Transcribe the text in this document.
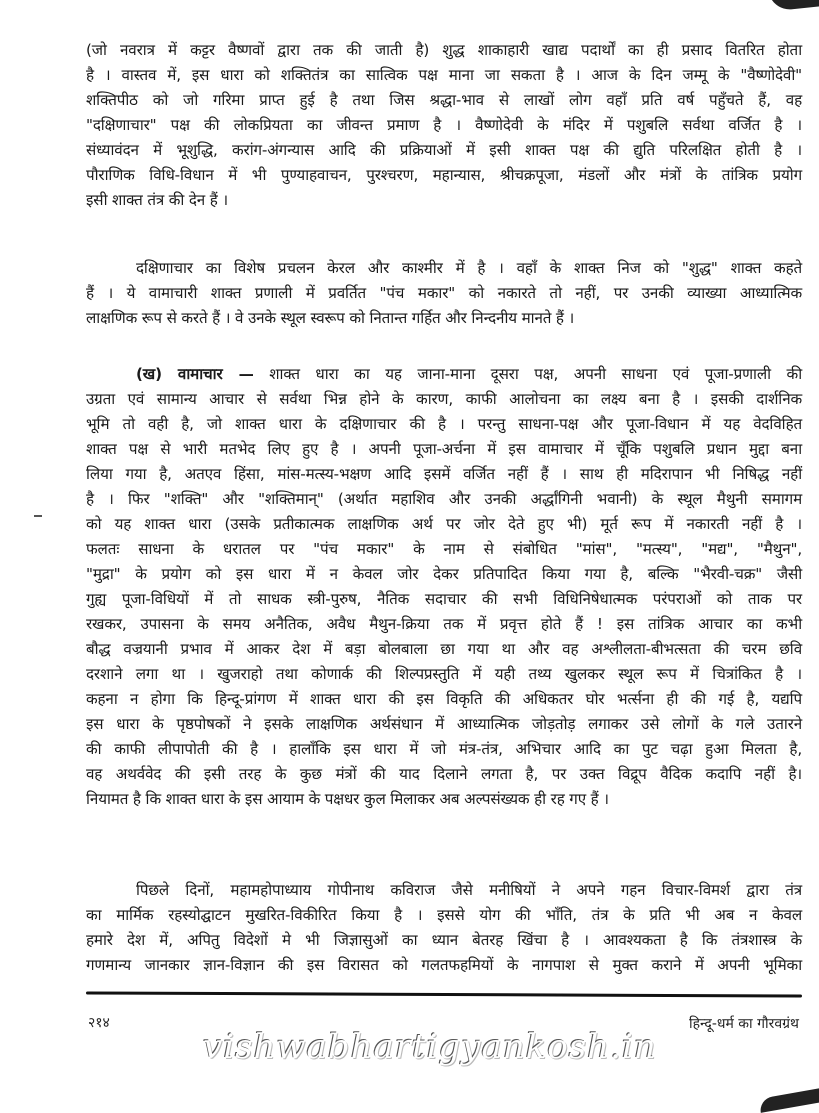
(जो नवरात्र में कट्टर वैष्णवों द्वारा तक की जाती है) शुद्ध शाकाहारी खाद्य पदार्थों का ही प्रसाद वितरित होता
है । वास्तव में, इस धारा को शक्तितंत्र का सात्विक पक्ष माना जा सकता है । आज के दिन जम्मू के "वैष्णोदेवी"
शक्तिपीठ को जो गरिमा प्राप्त हुई है तथा जिस श्रद्धा-भाव से लाखों लोग वहाँ प्रति वर्ष पहुँचते हैं, वह
"दक्षिणाचार" पक्ष की लोकप्रियता का जीवन्त प्रमाण है । वैष्णोदेवी के मंदिर में पशुबलि सर्वथा वर्जित है ।
संध्यावंदन में भूशुद्धि, करांग-अंगन्यास आदि की प्रक्रियाओं में इसी शाक्त पक्ष की द्युति परिलक्षित होती है ।
पौराणिक विधि-विधान में भी पुण्याहवाचन, पुरश्चरण, महान्यास, श्रीचक्रपूजा, मंडलों और मंत्रों के तांत्रिक प्रयोग
इसी शाक्त तंत्र की देन हैं ।
दक्षिणाचार का विशेष प्रचलन केरल और काश्मीर में है । वहाँ के शाक्त निज को "शुद्ध" शाक्त कहते
हैं । ये वामाचारी शाक्त प्रणाली में प्रवर्तित "पंच मकार" को नकारते तो नहीं, पर उनकी व्याख्या आध्यात्मिक
लाक्षणिक रूप से करते हैं । वे उनके स्थूल स्वरूप को नितान्त गर्हित और निन्दनीय मानते हैं ।
(ख) वामाचार — शाक्त धारा का यह जाना-माना दूसरा पक्ष, अपनी साधना एवं पूजा-प्रणाली की
उग्रता एवं सामान्य आचार से सर्वथा भिन्न होने के कारण, काफी आलोचना का लक्ष्य बना है । इसकी दार्शनिक
भूमि तो वही है, जो शाक्त धारा के दक्षिणाचार की है । परन्तु साधना-पक्ष और पूजा-विधान में यह वेदविहित
शाक्त पक्ष से भारी मतभेद लिए हुए है । अपनी पूजा-अर्चना में इस वामाचार में चूँकि पशुबलि प्रधान मुद्दा बना
लिया गया है, अतएव हिंसा, मांस-मत्स्य-भक्षण आदि इसमें वर्जित नहीं हैं । साथ ही मदिरापान भी निषिद्ध नहीं
है । फिर "शक्ति" और "शक्तिमान्" (अर्थात महाशिव और उनकी अर्द्धांगिनी भवानी) के स्थूल मैथुनी समागम
को यह शाक्त धारा (उसके प्रतीकात्मक लाक्षणिक अर्थ पर जोर देते हुए भी) मूर्त रूप में नकारती नहीं है ।
फलतः साधना के धरातल पर "पंच मकार" के नाम से संबोधित "मांस", "मत्स्य", "मद्य", "मैथुन",
"मुद्रा" के प्रयोग को इस धारा में न केवल जोर देकर प्रतिपादित किया गया है, बल्कि "भैरवी-चक्र" जैसी
गुह्य पूजा-विधियों में तो साधक स्त्री-पुरुष, नैतिक सदाचार की सभी विधिनिषेधात्मक परंपराओं को ताक पर
रखकर, उपासना के समय अनैतिक, अवैध मैथुन-क्रिया तक में प्रवृत्त होते हैं ! इस तांत्रिक आचार का कभी
बौद्ध वज्रयानी प्रभाव में आकर देश में बड़ा बोलबाला छा गया था और वह अश्लीलता-बीभत्सता की चरम छवि
दरशाने लगा था । खुजराहो तथा कोणार्क की शिल्पप्रस्तुति में यही तथ्य खुलकर स्थूल रूप में चित्रांकित है ।
कहना न होगा कि हिन्दू-प्रांगण में शाक्त धारा की इस विकृति की अधिकतर घोर भर्त्सना ही की गई है, यद्यपि
इस धारा के पृष्ठपोषकों ने इसके लाक्षणिक अर्थसंधान में आध्यात्मिक जोड़तोड़ लगाकर उसे लोगों के गले उतारने
की काफी लीपापोती की है । हालाँकि इस धारा में जो मंत्र-तंत्र, अभिचार आदि का पुट चढ़ा हुआ मिलता है,
वह अथर्ववेद की इसी तरह के कुछ मंत्रों की याद दिलाने लगता है, पर उक्त विद्रूप वैदिक कदापि नहीं है।
नियामत है कि शाक्त धारा के इस आयाम के पक्षधर कुल मिलाकर अब अल्पसंख्यक ही रह गए हैं ।
पिछले दिनों, महामहोपाध्याय गोपीनाथ कविराज जैसे मनीषियों ने अपने गहन विचार-विमर्श द्वारा तंत्र
का मार्मिक रहस्योद्घाटन मुखरित-विकीरित किया है । इससे योग की भाँति, तंत्र के प्रति भी अब न केवल
हमारे देश में, अपितु विदेशों मे भी जिज्ञासुओं का ध्यान बेतरह खिंचा है । आवश्यकता है कि तंत्रशास्त्र के
गणमान्य जानकार ज्ञान-विज्ञान की इस विरासत को गलतफहमियों के नागपाश से मुक्त कराने में अपनी भूमिका
२१४	हिन्दू-धर्म का गौरवग्रंथ
vishwabhartigyankosh.in
